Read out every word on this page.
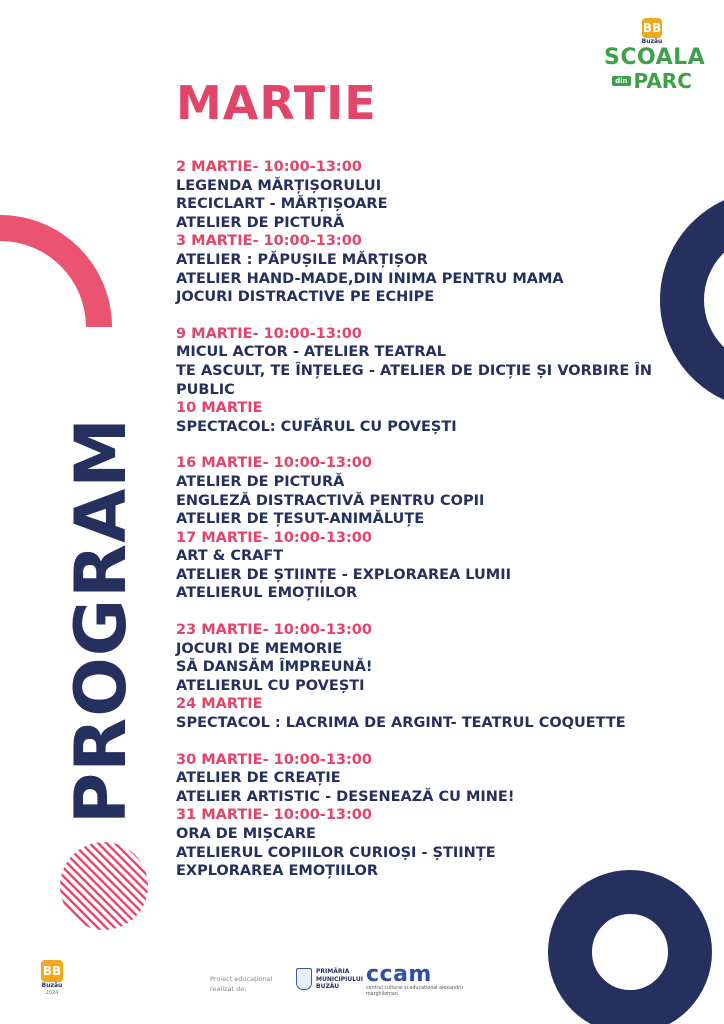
MARTIE
PROGRAM
BB
Buzău
SCOALA
din PARC
2 MARTIE- 10:00-13:00
LEGENDA MĂRȚIȘORULUI
RECICLART - MĂRȚIȘOARE
ATELIER DE PICTURĂ
3 MARTIE- 10:00-13:00
ATELIER : PĂPUȘILE MĂRȚIȘOR
ATELIER HAND-MADE,DIN INIMA PENTRU MAMA
JOCURI DISTRACTIVE PE ECHIPE
9 MARTIE- 10:00-13:00
MICUL ACTOR - ATELIER TEATRAL
TE ASCULT, TE ÎNȚELEG - ATELIER DE DICȚIE ȘI VORBIRE ÎN PUBLIC
10 MARTIE
SPECTACOL: CUFĂRUL CU POVEȘTI
16 MARTIE- 10:00-13:00
ATELIER DE PICTURĂ
ENGLEZĂ DISTRACTIVĂ PENTRU COPII
ATELIER DE ȚESUT-ANIMĂLUȚE
17 MARTIE- 10:00-13:00
ART & CRAFT
ATELIER DE ȘTIINȚE - EXPLORAREA LUMII
ATELIERUL EMOȚIILOR
23 MARTIE- 10:00-13:00
JOCURI DE MEMORIE
SĂ DANSĂM ÎMPREUNĂ!
ATELIERUL CU POVEȘTI
24 MARTIE
SPECTACOL : LACRIMA DE ARGINT- TEATRUL COQUETTE
30 MARTIE- 10:00-13:00
ATELIER DE CREAȚIE
ATELIER ARTISTIC - DESENEAZĂ CU MINE!
31 MARTIE- 10:00-13:00
ORA DE MIȘCARE
ATELIERUL COPIILOR CURIOȘI - ȘTIINȚE
EXPLORAREA EMOȚIILOR
BB
Buzău
2024
Proiect educațional realizat de:
PRIMĂRIA MUNICIPIULUI BUZĂU	ccam
centrul cultural și educațional alexandru marghiloman
